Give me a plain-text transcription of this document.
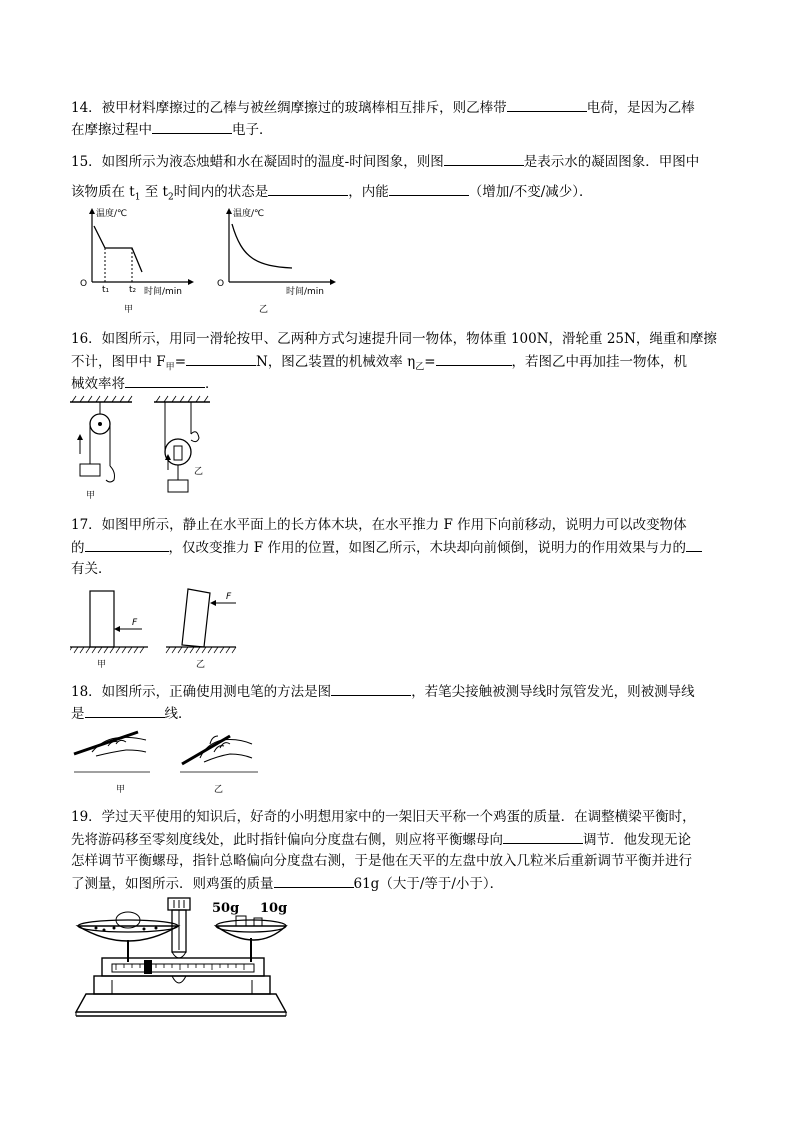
14．被甲材料摩擦过的乙棒与被丝绸摩擦过的玻璃棒相互排斥，则乙棒带	电荷，是因为乙棒
在摩擦过程中	电子．
15．如图所示为液态烛蜡和水在凝固时的温度-时间图象，则图	是表示水的凝固图象．甲图中
该物质在 $t_1$ 至 $t_2$时间内的状态是	，内能	（增加/不变/减少）．
温度/℃
时间/min
O
t₁ t₂
甲
温度/℃
时间/min
O
乙
16．如图所示，用同一滑轮按甲、乙两种方式匀速提升同一物体，物体重 100N，滑轮重 25N，绳重和摩擦
不计，图甲中 $F_甲=$	N，图乙装置的机械效率 $\eta_乙=$	，若图乙中再加挂一物体，机
械效率将	．
甲
乙
17．如图甲所示，静止在水平面上的长方体木块，在水平推力 F 作用下向前移动，说明力可以改变物体
的	，仅改变推力 F 作用的位置，如图乙所示，木块却向前倾倒，说明力的作用效果与力的
有关．
F
甲
F
乙
18．如图所示，正确使用测电笔的方法是图	，若笔尖接触被测导线时氖管发光，则被测导线
是	线．
甲	乙
19．学过天平使用的知识后，好奇的小明想用家中的一架旧天平称一个鸡蛋的质量．在调整横梁平衡时，
先将游码移至零刻度线处，此时指针偏向分度盘右侧，则应将平衡螺母向	调节．他发现无论
怎样调节平衡螺母，指针总略偏向分度盘右测，于是他在天平的左盘中放入几粒米后重新调节平衡并进行
了测量，如图所示．则鸡蛋的质量	61g（大于/等于/小于）．
50g 10g
